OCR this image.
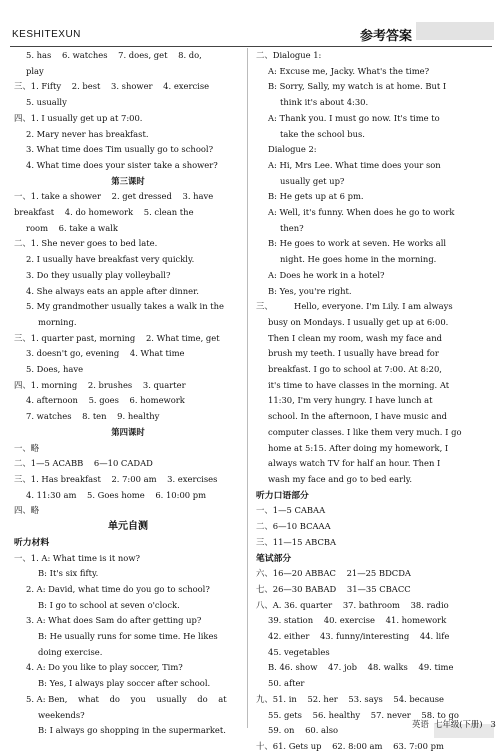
KESHITEXUN	参考答案
5. has    6. watches    7. does, get    8. do,
play
三、1. Fifty    2. best    3. shower    4. exercise
5. usually
四、1. I usually get up at 7:00.
2. Mary never has breakfast.
3. What time does Tim usually go to school?
4. What time does your sister take a shower?
第三课时
一、1. take a shower    2. get dressed    3. have
breakfast    4. do homework    5. clean the
room    6. take a walk
二、1. She never goes to bed late.
2. I usually have breakfast very quickly.
3. Do they usually play volleyball?
4. She always eats an apple after dinner.
5. My grandmother usually takes a walk in the
morning.
三、1. quarter past, morning    2. What time, get
3. doesn't go, evening    4. What time
5. Does, have
四、1. morning    2. brushes    3. quarter
4. afternoon    5. goes    6. homework
7. watches    8. ten    9. healthy
第四课时
一、略
二、1—5 ACABB    6—10 CADAD
三、1. Has breakfast    2. 7:00 am    3. exercises
4. 11:30 am    5. Goes home    6. 10:00 pm
四、略
单元自测
听力材料
一、1. A: What time is it now?
B: It's six fifty.
2. A: David, what time do you go to school?
B: I go to school at seven o'clock.
3. A: What does Sam do after getting up?
B: He usually runs for some time. He likes
doing exercise.
4. A: Do you like to play soccer, Tim?
B: Yes, I always play soccer after school.
5. A: Ben,    what    do    you    usually    do    at
weekends?
B: I always go shopping in the supermarket.
二、Dialogue 1:
A: Excuse me, Jacky. What's the time?
B: Sorry, Sally, my watch is at home. But I
think it's about 4:30.
A: Thank you. I must go now. It's time to
take the school bus.
Dialogue 2:
A: Hi, Mrs Lee. What time does your son
usually get up?
B: He gets up at 6 pm.
A: Well, it's funny. When does he go to work
then?
B: He goes to work at seven. He works all
night. He goes home in the morning.
A: Does he work in a hotel?
B: Yes, you're right.
三、        Hello, everyone. I'm Lily. I am always
busy on Mondays. I usually get up at 6:00.
Then I clean my room, wash my face and
brush my teeth. I usually have bread for
breakfast. I go to school at 7:00. At 8:20,
it's time to have classes in the morning. At
11:30, I'm very hungry. I have lunch at
school. In the afternoon, I have music and
computer classes. I like them very much. I go
home at 5:15. After doing my homework, I
always watch TV for half an hour. Then I
wash my face and go to bed early.
听力口语部分
一、1—5 CABAA
二、6—10 BCAAA
三、11—15 ABCBA
笔试部分
六、16—20 ABBAC    21—25 BDCDA
七、26—30 BABAD    31—35 CBACC
八、A. 36. quarter    37. bathroom    38. radio
39. station    40. exercise    41. homework
42. either    43. funny/interesting    44. life
45. vegetables
B. 46. show    47. job    48. walks    49. time
50. after
九、51. in    52. her    53. says    54. because
55. gets    56. healthy    57. never    58. to go
59. on    60. also
十、61. Gets up    62. 8:00 am    63. 7:00 pm
英语  七年级(下册)   3
